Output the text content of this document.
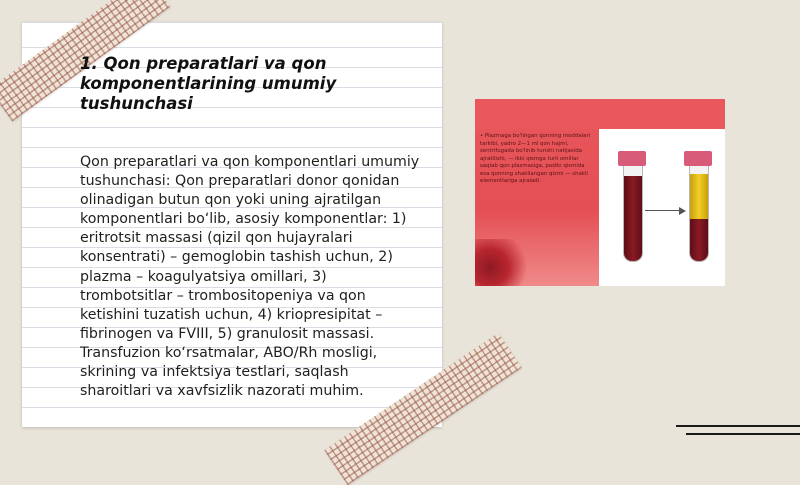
1. Qon preparatlari va qon komponentlarining umumiy tushunchasi

Qon preparatlari va qon komponentlari umumiy tushunchasi: Qon preparatlari donor qonidan olinadigan butun qon yoki uning ajratilgan komponentlari bo‘lib, asosiy komponentlar: 1) eritrotsit massasi (qizil qon hujayralari konsentrati) – gemoglobin tashish uchun, 2) plazma – koagulyatsiya omillari, 3) trombotsitlar – trombositopeniya va qon ketishini tuzatish uchun, 4) kriopresipitat – fibrinogen va FVIII, 5) granulosit massasi. Transfuzion ko‘rsatmalar, ABO/Rh mosligi, skrining va infektsiya testlari, saqlash sharoitlari va xavfsizlik nazorati muhim.

• Plazmaga bo'lingan qonning moddalari tarkibi, yadro 2—1 ml qon hajmi, sentrifugada bo'linib turishi natijasida ajratilishi, — ikki qismga turli omillar saqlab qon plazmasiga, pastki qismida esa qonning shakllangan qismi — shakli elementlariga ajraladi.
